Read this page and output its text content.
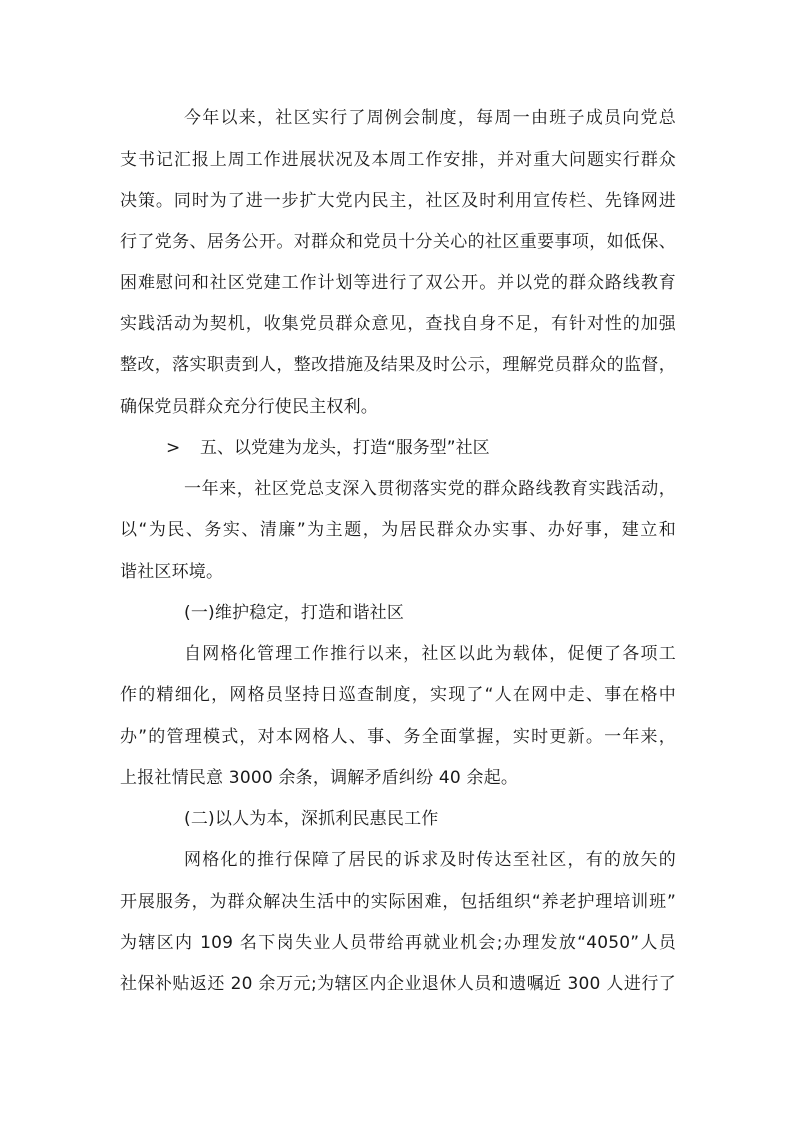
今年以来，社区实行了周例会制度，每周一由班子成员向党总
支书记汇报上周工作进展状况及本周工作安排，并对重大问题实行群众
决策。同时为了进一步扩大党内民主，社区及时利用宣传栏、先锋网进
行了党务、居务公开。对群众和党员十分关心的社区重要事项，如低保、
困难慰问和社区党建工作计划等进行了双公开。并以党的群众路线教育
实践活动为契机，收集党员群众意见，查找自身不足，有针对性的加强
整改，落实职责到人，整改措施及结果及时公示，理解党员群众的监督，
确保党员群众充分行使民主权利。
> 五、以党建为龙头，打造“服务型”社区
一年来，社区党总支深入贯彻落实党的群众路线教育实践活动，
以“为民、务实、清廉”为主题，为居民群众办实事、办好事，建立和
谐社区环境。
(一)维护稳定，打造和谐社区
自网格化管理工作推行以来，社区以此为载体，促便了各项工
作的精细化，网格员坚持日巡查制度，实现了“人在网中走、事在格中
办”的管理模式，对本网格人、事、务全面掌握，实时更新。一年来，
上报社情民意 3000 余条，调解矛盾纠纷 40 余起。
(二)以人为本，深抓利民惠民工作
网格化的推行保障了居民的诉求及时传达至社区，有的放矢的
开展服务，为群众解决生活中的实际困难，包括组织“养老护理培训班”
为辖区内 109 名下岗失业人员带给再就业机会;办理发放“4050”人员
社保补贴返还 20 余万元;为辖区内企业退休人员和遗嘱近 300 人进行了
